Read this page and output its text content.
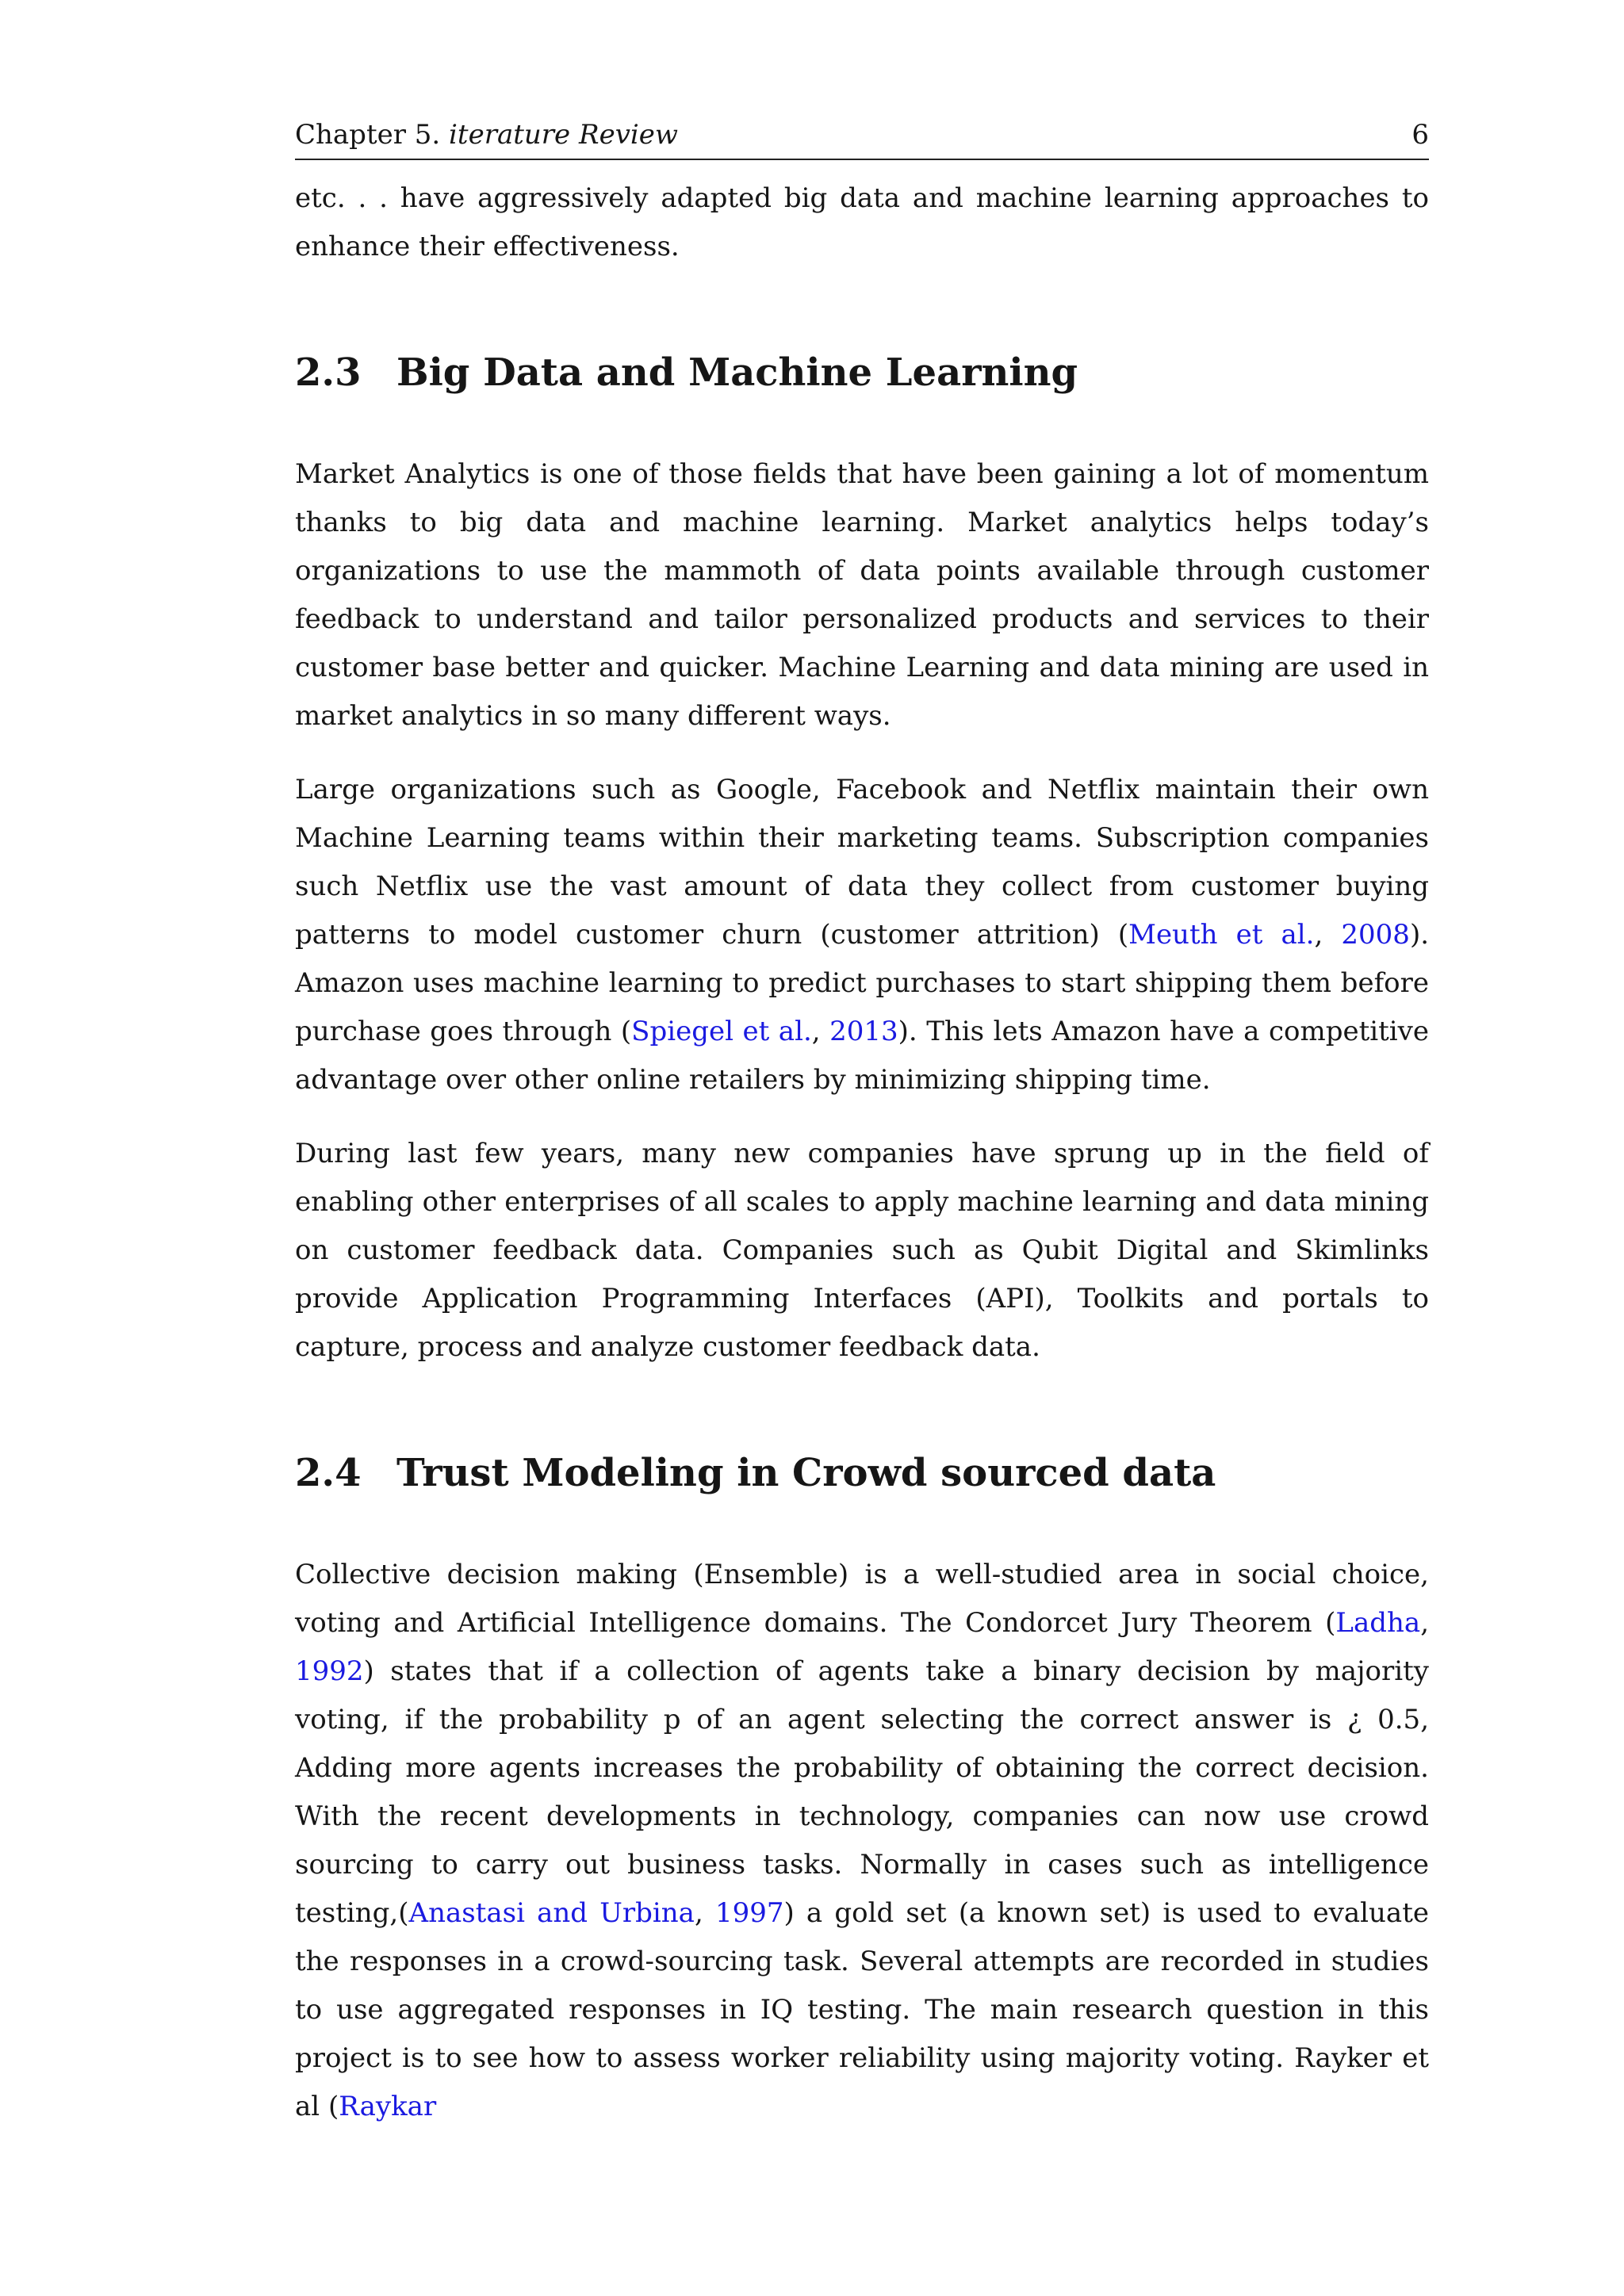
Chapter 5. iterature Review	6

etc. . . have aggressively adapted big data and machine learning approaches to enhance their effectiveness.

2.3 Big Data and Machine Learning

Market Analytics is one of those fields that have been gaining a lot of momentum thanks to big data and machine learning. Market analytics helps today’s organizations to use the mammoth of data points available through customer feedback to understand and tailor personalized products and services to their customer base better and quicker. Machine Learning and data mining are used in market analytics in so many different ways.

Large organizations such as Google, Facebook and Netflix maintain their own Machine Learning teams within their marketing teams. Subscription companies such Netflix use the vast amount of data they collect from customer buying patterns to model customer churn (customer attrition) (Meuth et al., 2008). Amazon uses machine learning to predict purchases to start shipping them before purchase goes through (Spiegel et al., 2013). This lets Amazon have a competitive advantage over other online retailers by minimizing shipping time.

During last few years, many new companies have sprung up in the field of enabling other enterprises of all scales to apply machine learning and data mining on customer feedback data. Companies such as Qubit Digital and Skimlinks provide Application Programming Interfaces (API), Toolkits and portals to capture, process and analyze customer feedback data.

2.4 Trust Modeling in Crowd sourced data

Collective decision making (Ensemble) is a well-studied area in social choice, voting and Artificial Intelligence domains. The Condorcet Jury Theorem (Ladha, 1992) states that if a collection of agents take a binary decision by majority voting, if the probability p of an agent selecting the correct answer is ¿ 0.5, Adding more agents increases the probability of obtaining the correct decision. With the recent developments in technology, companies can now use crowd sourcing to carry out business tasks. Normally in cases such as intelligence testing,(Anastasi and Urbina, 1997) a gold set (a known set) is used to evaluate the responses in a crowd-sourcing task. Several attempts are recorded in studies to use aggregated responses in IQ testing. The main research question in this project is to see how to assess worker reliability using majority voting. Rayker et al (Raykar
